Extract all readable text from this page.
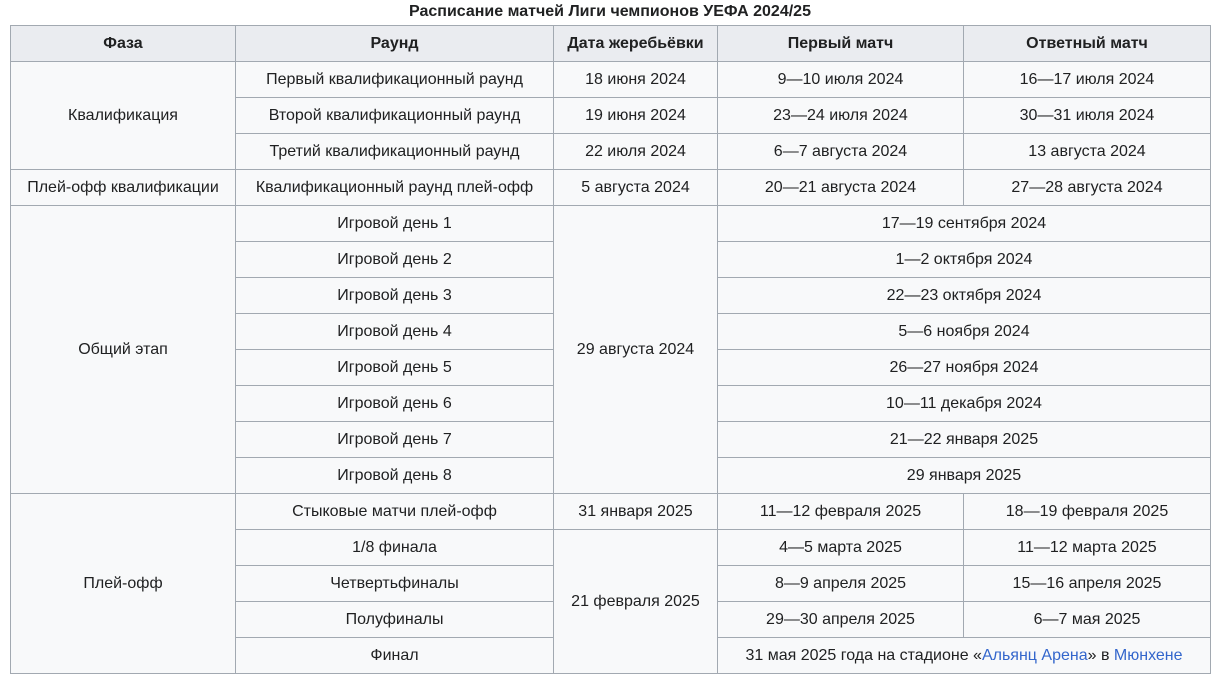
Расписание матчей Лиги чемпионов УЕФА 2024/25
Фаза	Раунд	Дата жеребьёвки	Первый матч	Ответный матч
Квалификация	Первый квалификационный раунд	18 июня 2024	9—10 июля 2024	16—17 июля 2024
	Второй квалификационный раунд	19 июня 2024	23—24 июля 2024	30—31 июля 2024
	Третий квалификационный раунд	22 июля 2024	6—7 августа 2024	13 августа 2024
Плей-офф квалификации	Квалификационный раунд плей-офф	5 августа 2024	20—21 августа 2024	27—28 августа 2024
Общий этап	Игровой день 1	29 августа 2024	17—19 сентября 2024	
	Игровой день 2		1—2 октября 2024	
	Игровой день 3		22—23 октября 2024	
	Игровой день 4		5—6 ноября 2024	
	Игровой день 5		26—27 ноября 2024	
	Игровой день 6		10—11 декабря 2024	
	Игровой день 7		21—22 января 2025	
	Игровой день 8		29 января 2025	
Плей-офф	Стыковые матчи плей-офф	31 января 2025	11—12 февраля 2025	18—19 февраля 2025
	1/8 финала	21 февраля 2025	4—5 марта 2025	11—12 марта 2025
	Четвертьфиналы		8—9 апреля 2025	15—16 апреля 2025
	Полуфиналы		29—30 апреля 2025	6—7 мая 2025
	Финал		31 мая 2025 года на стадионе «Альянц Арена» в Мюнхене	
